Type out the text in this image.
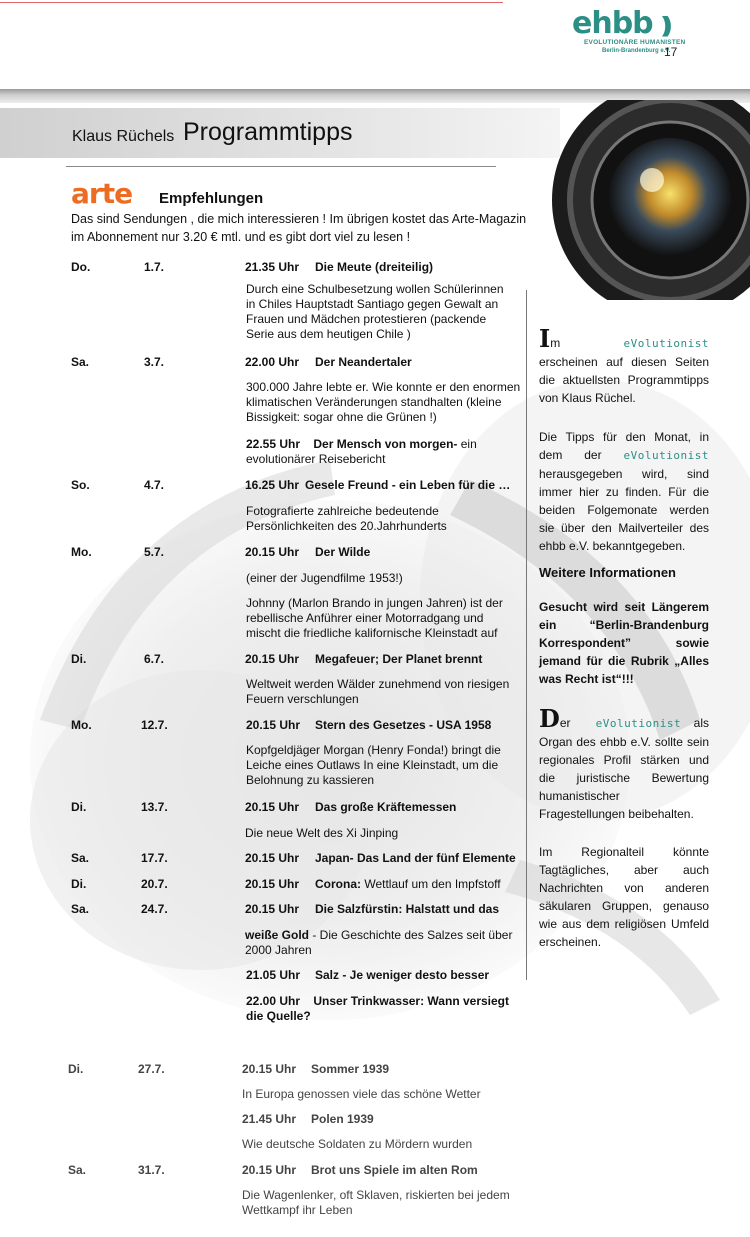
ehbb )))
EVOLUTIONÄRE HUMANISTEN
Berlin-Brandenburg e.V.
17
Klaus Rüchels Programmtipps
arte Empfehlungen
Das sind Sendungen , die mich interessieren ! Im übrigen kostet das Arte-Magazin im Abonnement nur 3.20 € mtl. und es gibt dort viel zu lesen !
Do.	1.7.	21.35 Uhr Die Meute (dreiteilig)
Durch eine Schulbesetzung wollen Schülerinnen in Chiles Hauptstadt Santiago gegen Gewalt an Frauen und Mädchen protestieren (packende Serie aus dem heutigen Chile )
Sa.	3.7.	22.00 Uhr Der Neandertaler
300.000 Jahre lebte er. Wie konnte er den enormen klimatischen Veränderungen standhalten (kleine Bissigkeit: sogar ohne die Grünen !)
22.55 Uhr Der Mensch von morgen- ein evolutionärer Reisebericht
So.	4.7.	16.25 Uhr Gesele Freund - ein Leben für die …
Fotografierte zahlreiche bedeutende Persönlichkeiten des 20.Jahrhunderts
Mo.	5.7.	20.15 Uhr Der Wilde
(einer der Jugendfilme 1953!)
Johnny (Marlon Brando in jungen Jahren) ist der rebellische Anführer einer Motorradgang und mischt die friedliche kalifornische Kleinstadt auf
Di.	6.7.	20.15 Uhr Megafeuer; Der Planet brennt
Weltweit werden Wälder zunehmend von riesigen Feuern verschlungen
Mo.	12.7.	20.15 Uhr Stern des Gesetzes - USA 1958
Kopfgeldjäger Morgan (Henry Fonda!) bringt die Leiche eines Outlaws In eine Kleinstadt, um die Belohnung zu kassieren
Di.	13.7.	20.15 Uhr Das große Kräftemessen
Die neue Welt des Xi Jinping
Sa.	17.7.	20.15 Uhr Japan- Das Land der fünf Elemente
Di.	20.7.	20.15 Uhr Corona: Wettlauf um den Impfstoff
Sa.	24.7.	20.15 Uhr Die Salzfürstin: Halstatt und das
weiße Gold - Die Geschichte des Salzes seit über 2000 Jahren
21.05 Uhr Salz - Je weniger desto besser
22.00 Uhr Unser Trinkwasser: Wann versiegt die Quelle?
Di.	27.7.	20.15 Uhr Sommer 1939
In Europa genossen viele das schöne Wetter
21.45 Uhr Polen 1939
Wie deutsche Soldaten zu Mördern wurden
Sa.	31.7.	20.15 Uhr Brot uns Spiele im alten Rom
Die Wagenlenker, oft Sklaven, riskierten bei jedem Wettkampf ihr Leben
Im	eVolutionist erscheinen auf diesen Seiten die aktuellsten Programmtipps von Klaus Rüchel.
Die Tipps für den Monat, in dem der eVolutionist herausgegeben wird, sind immer hier zu finden. Für die beiden Folgemonate werden sie über den Mailverteiler des ehbb e.V. bekanntgegeben.
Weitere Informationen
Gesucht wird seit Längerem ein “Berlin-Brandenburg Korrespondent” sowie jemand für die Rubrik „Alles was Recht ist“!!!
Der eVolutionist als Organ des ehbb e.V. sollte sein regionales Profil stärken und die juristische Bewertung humanistischer Fragestellungen beibehalten.
Im Regionalteil könnte Tagtägliches, aber auch Nachrichten von anderen säkularen Gruppen, genauso wie aus dem religiösen Umfeld erscheinen.
